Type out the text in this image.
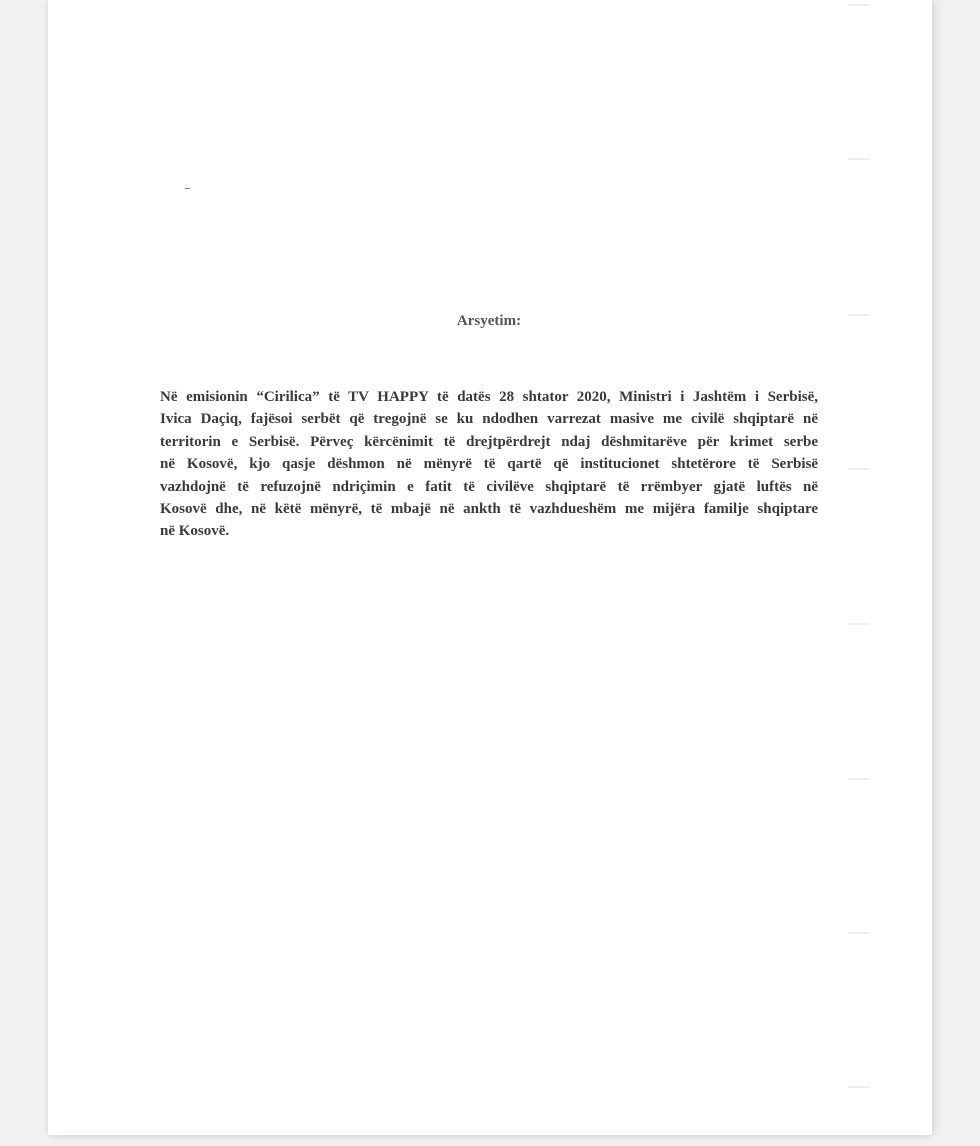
Arsyetim:
Në emisionin “Cirilica” të TV HAPPY të datës 28 shtator 2020, Ministri i Jashtëm i Serbisë,
Ivica Daçiq, fajësoi serbët që tregojnë se ku ndodhen varrezat masive me civilë shqiptarë në
territorin e Serbisë. Përveç kërcënimit të drejtpërdrejt ndaj dëshmitarëve për krimet serbe
në Kosovë, kjo qasje dëshmon në mënyrë të qartë që institucionet shtetërore të Serbisë
vazhdojnë të refuzojnë ndriçimin e fatit të civilëve shqiptarë të rrëmbyer gjatë luftës në
Kosovë dhe, në këtë mënyrë, të mbajë në ankth të vazhdueshëm me mijëra familje shqiptare
në Kosovë.
